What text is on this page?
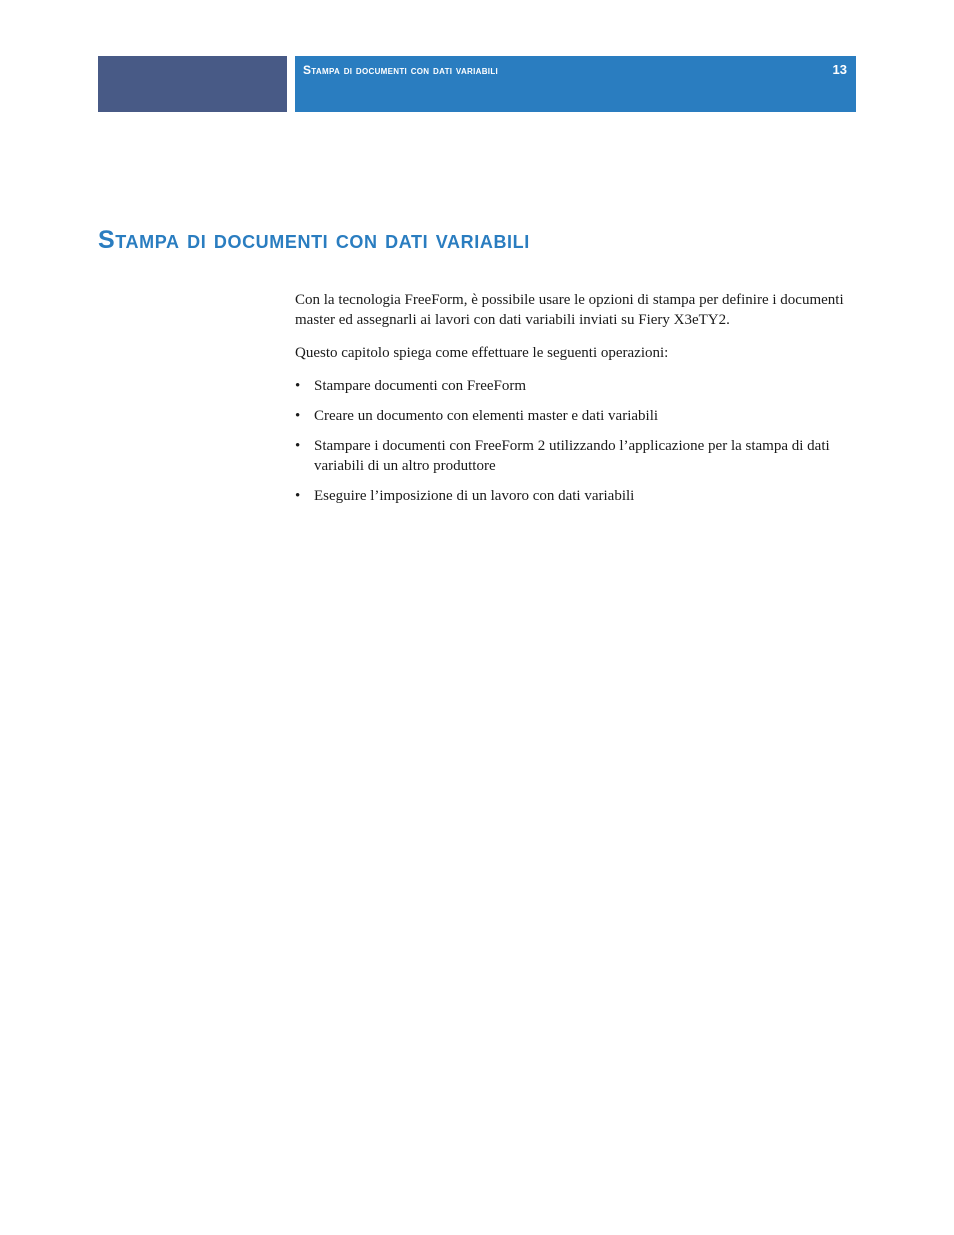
Stampa di documenti con dati variabili	13
Stampa di documenti con dati variabili

Con la tecnologia FreeForm, è possibile usare le opzioni di stampa per definire i documenti master ed assegnarli ai lavori con dati variabili inviati su Fiery X3eTY2.

Questo capitolo spiega come effettuare le seguenti operazioni:

• Stampare documenti con FreeForm
• Creare un documento con elementi master e dati variabili
• Stampare i documenti con FreeForm 2 utilizzando l’applicazione per la stampa di dati variabili di un altro produttore
• Eseguire l’imposizione di un lavoro con dati variabili
